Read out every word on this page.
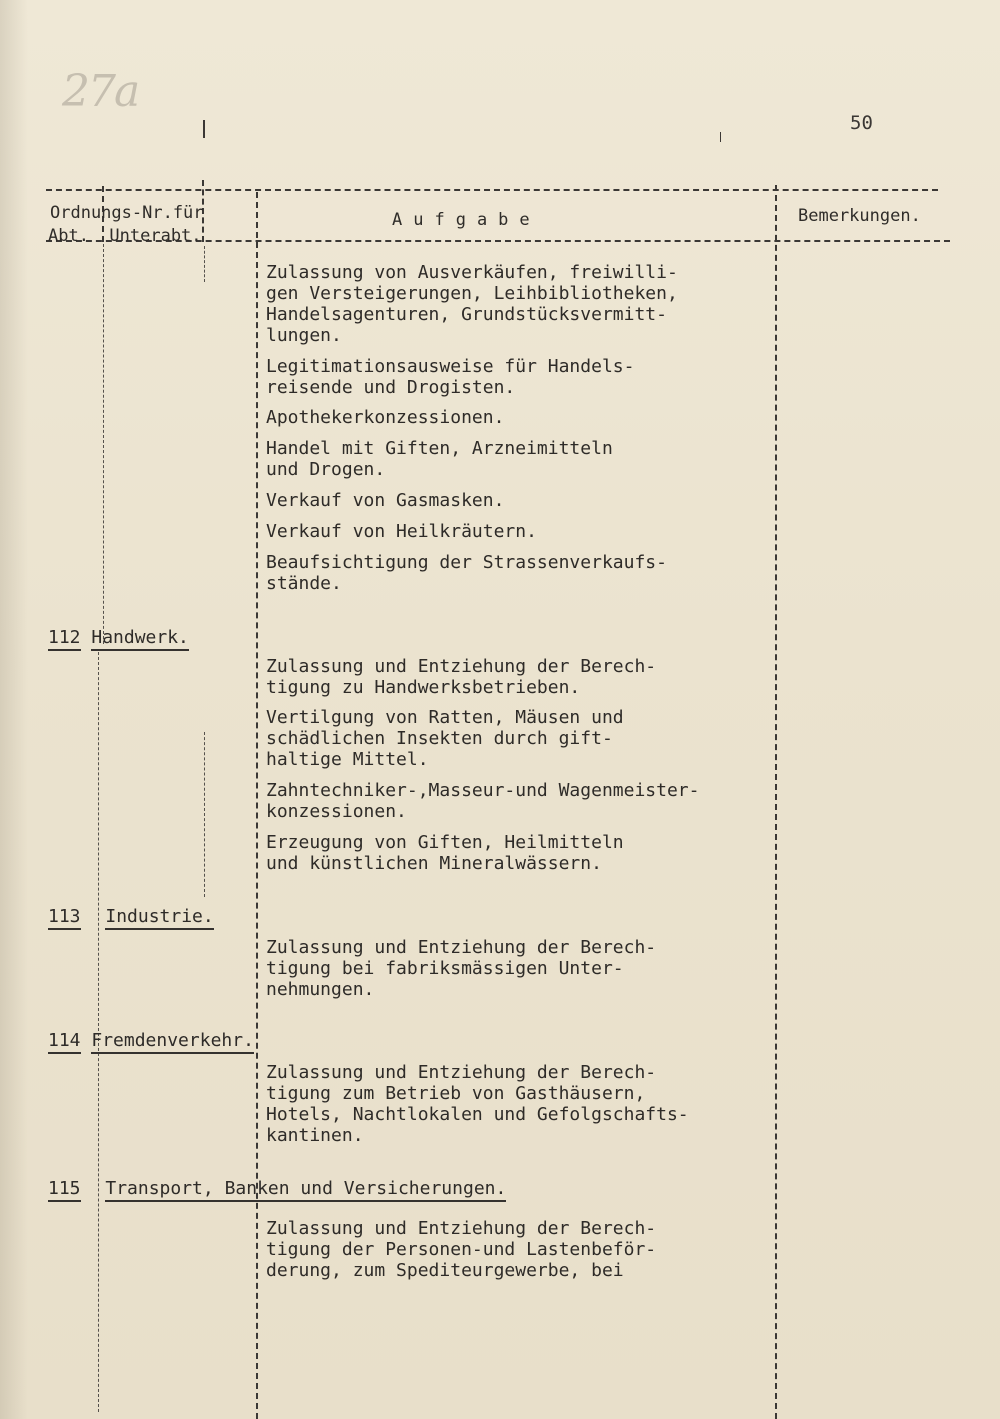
27a
50
Ordnungs-Nr.für
Abt.  Unterabt.
Aufgabe	Bemerkungen.
Zulassung von Ausverkäufen, freiwilli-
gen Versteigerungen, Leihbibliotheken,
Handelsagenturen, Grundstücksvermitt-
lungen.
Legitimationsausweise für Handels-
reisende und Drogisten.
Apothekerkonzessionen.
Handel mit Giften, Arzneimitteln
und Drogen.
Verkauf von Gasmasken.
Verkauf von Heilkräutern.
Beaufsichtigung der Strassenverkaufs-
stände.
112 Handwerk.
Zulassung und Entziehung der Berech-
tigung zu Handwerksbetrieben.
Vertilgung von Ratten, Mäusen und
schädlichen Insekten durch gift-
haltige Mittel.
Zahntechniker-,Masseur-und Wagenmeister-
konzessionen.
Erzeugung von Giften, Heilmitteln
und künstlichen Mineralwässern.
113 Industrie.
Zulassung und Entziehung der Berech-
tigung bei fabriksmässigen Unter-
nehmungen.
114 Fremdenverkehr.
Zulassung und Entziehung der Berech-
tigung zum Betrieb von Gasthäusern,
Hotels, Nachtlokalen und Gefolgschafts-
kantinen.
115 Transport, Banken und Versicherungen.
Zulassung und Entziehung der Berech-
tigung der Personen-und Lastenbeför-
derung, zum Speditеurgewerbe, bei
